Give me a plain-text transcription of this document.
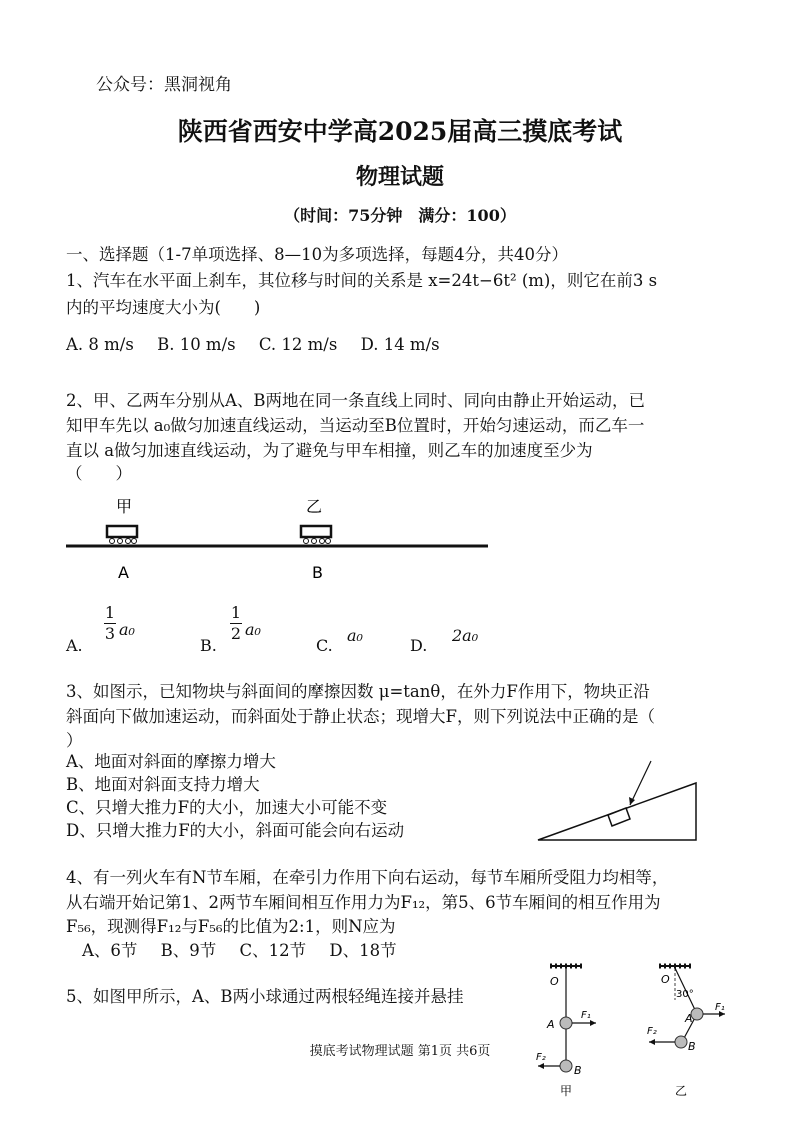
公众号：黑洞视角
陕西省西安中学高2025届高三摸底考试
物理试题
（时间：75分钟　满分：100）
一、选择题（1-7单项选择、8—10为多项选择，每题4分，共40分）
1、汽车在水平面上刹车，其位移与时间的关系是 x=24t−6t² (m)，则它在前3 s
内的平均速度大小为(　　)
A. 8 m/s B. 10 m/s C. 12 m/s D. 14 m/s
2、甲、乙两车分别从A、B两地在同一条直线上同时、同向由静止开始运动，已
知甲车先以 a₀做匀加速直线运动，当运动至B位置时，开始匀速运动，而乙车一
直以 a做匀加速直线运动，为了避免与甲车相撞，则乙车的加速度至少为
（　　）
甲	乙
A	B
A.
$\frac{1}{3} a_0$
B.
$\frac{1}{2} a_0$
C.
a₀
D.
2a₀
3、如图示，已知物块与斜面间的摩擦因数 μ=tanθ，在外力F作用下，物块正沿
斜面向下做加速运动，而斜面处于静止状态；现增大F，则下列说法中正确的是（
）
A、地面对斜面的摩擦力增大
B、地面对斜面支持力增大
C、只增大推力F的大小，加速大小可能不变
D、只增大推力F的大小，斜面可能会向右运动
4、有一列火车有N节车厢，在牵引力作用下向右运动，每节车厢所受阻力均相等，
从右端开始记第1、2两节车厢间相互作用力为F₁₂，第5、6节车厢间的相互作用为
F₅₆，现测得F₁₂与F₅₆的比值为2:1，则N应为
A、6节 B、9节 C、12节 D、18节
5、如图甲所示，A、B两小球通过两根轻绳连接并悬挂
O
A
B
F₁
F₂
甲
O
30°
A
B
F₁
F₂
乙
摸底考试物理试题 第1页 共6页
